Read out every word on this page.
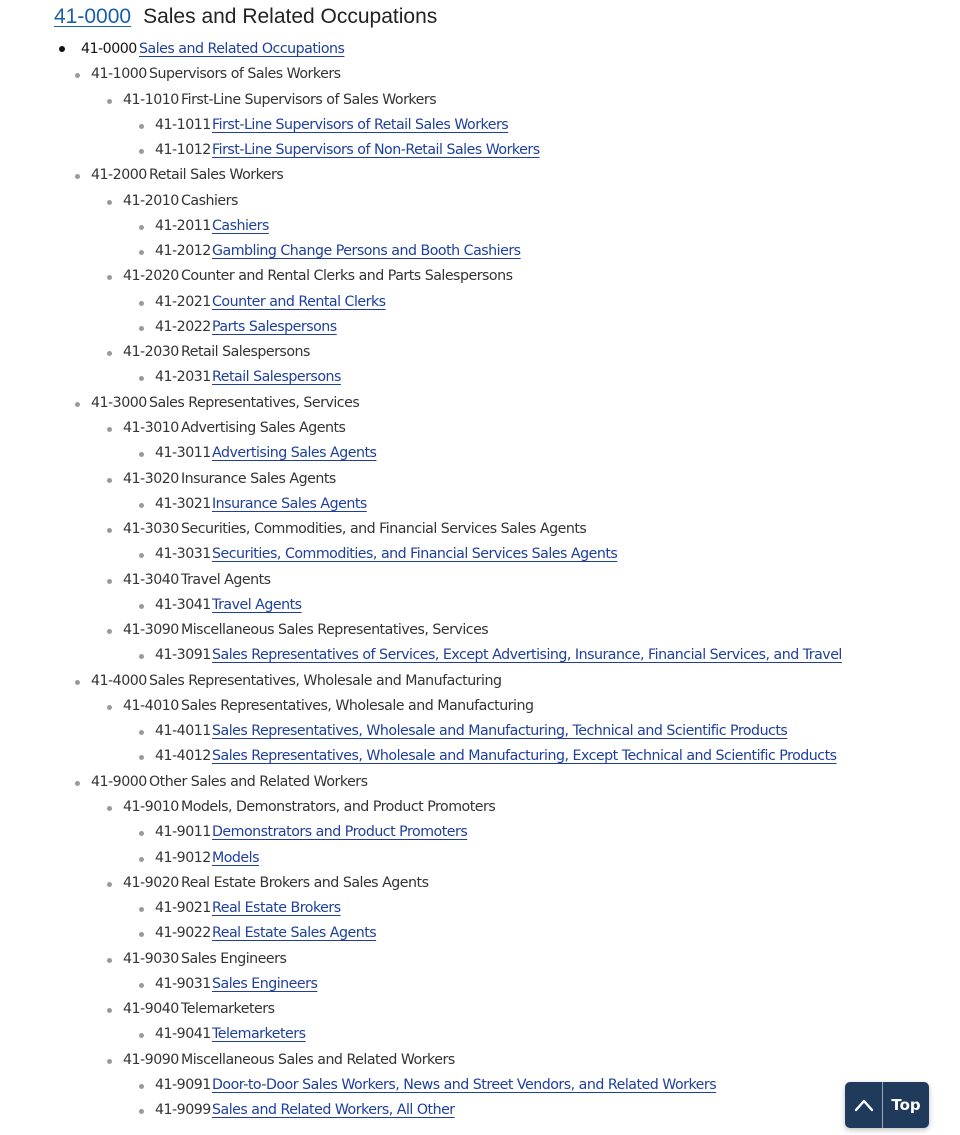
41-0000 Sales and Related Occupations
41-0000 Sales and Related Occupations
41-1000 Supervisors of Sales Workers
41-1010 First-Line Supervisors of Sales Workers
41-1011 First-Line Supervisors of Retail Sales Workers
41-1012 First-Line Supervisors of Non-Retail Sales Workers
41-2000 Retail Sales Workers
41-2010 Cashiers
41-2011 Cashiers
41-2012 Gambling Change Persons and Booth Cashiers
41-2020 Counter and Rental Clerks and Parts Salespersons
41-2021 Counter and Rental Clerks
41-2022 Parts Salespersons
41-2030 Retail Salespersons
41-2031 Retail Salespersons
41-3000 Sales Representatives, Services
41-3010 Advertising Sales Agents
41-3011 Advertising Sales Agents
41-3020 Insurance Sales Agents
41-3021 Insurance Sales Agents
41-3030 Securities, Commodities, and Financial Services Sales Agents
41-3031 Securities, Commodities, and Financial Services Sales Agents
41-3040 Travel Agents
41-3041 Travel Agents
41-3090 Miscellaneous Sales Representatives, Services
41-3091 Sales Representatives of Services, Except Advertising, Insurance, Financial Services, and Travel
41-4000 Sales Representatives, Wholesale and Manufacturing
41-4010 Sales Representatives, Wholesale and Manufacturing
41-4011 Sales Representatives, Wholesale and Manufacturing, Technical and Scientific Products
41-4012 Sales Representatives, Wholesale and Manufacturing, Except Technical and Scientific Products
41-9000 Other Sales and Related Workers
41-9010 Models, Demonstrators, and Product Promoters
41-9011 Demonstrators and Product Promoters
41-9012 Models
41-9020 Real Estate Brokers and Sales Agents
41-9021 Real Estate Brokers
41-9022 Real Estate Sales Agents
41-9030 Sales Engineers
41-9031 Sales Engineers
41-9040 Telemarketers
41-9041 Telemarketers
41-9090 Miscellaneous Sales and Related Workers
41-9091 Door-to-Door Sales Workers, News and Street Vendors, and Related Workers
41-9099 Sales and Related Workers, All Other	Top
